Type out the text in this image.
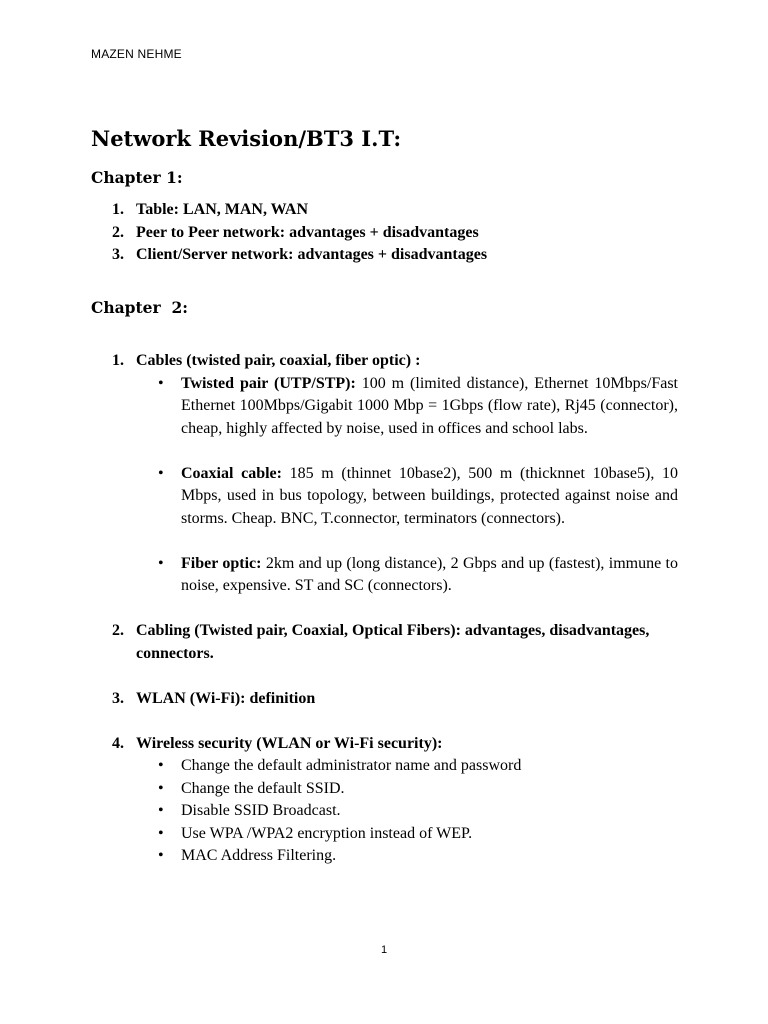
MAZEN NEHME
Network Revision/BT3 I.T:
Chapter 1:
1. Table: LAN, MAN, WAN
2. Peer to Peer network: advantages + disadvantages
3. Client/Server network: advantages + disadvantages
Chapter  2:
1. Cables (twisted pair, coaxial, fiber optic) :
• Twisted pair (UTP/STP): 100 m (limited distance), Ethernet 10Mbps/Fast Ethernet 100Mbps/Gigabit 1000 Mbp = 1Gbps (flow rate), Rj45 (connector), cheap, highly affected by noise, used in offices and school labs.
• Coaxial cable: 185 m (thinnet 10base2), 500 m (thicknnet 10base5), 10 Mbps, used in bus topology, between buildings, protected against noise and storms. Cheap. BNC, T.connector, terminators (connectors).
• Fiber optic: 2km and up (long distance), 2 Gbps and up (fastest), immune to noise, expensive. ST and SC (connectors).
2. Cabling (Twisted pair, Coaxial, Optical Fibers): advantages, disadvantages, connectors.
3. WLAN (Wi-Fi): definition
4. Wireless security (WLAN or Wi-Fi security):
• Change the default administrator name and password
• Change the default SSID.
• Disable SSID Broadcast.
• Use WPA /WPA2 encryption instead of WEP.
• MAC Address Filtering.
1
